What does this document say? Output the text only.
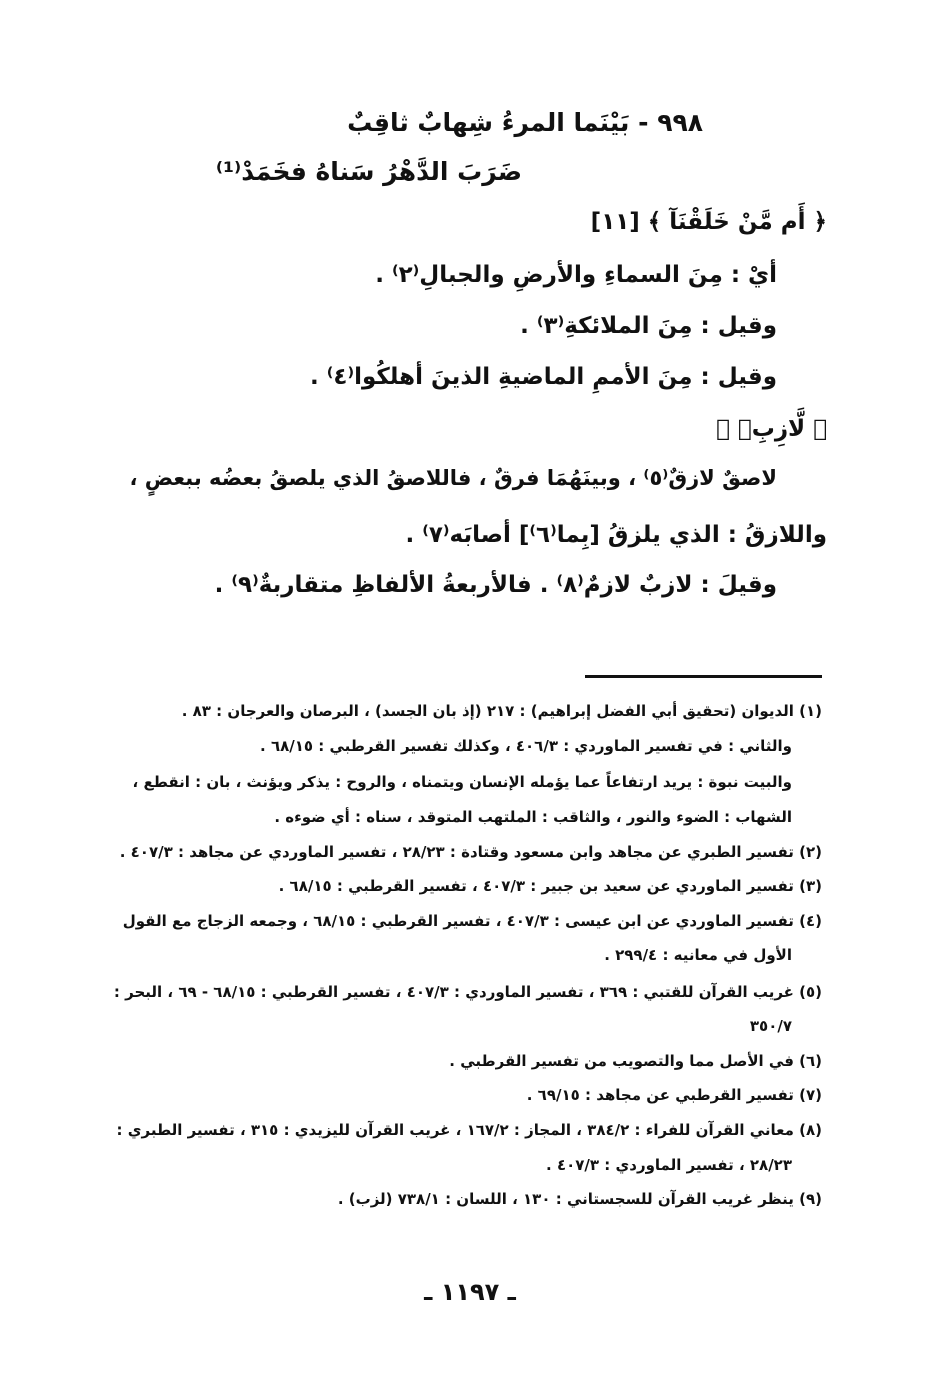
٩٩٨ - بَيْنَما المرءُ شِهابٌ ثاقِبٌ
ضَرَبَ الدَّهْرُ سَناهُ فخَمَدْ⁽¹⁾
﴿ أَم مَّنْ خَلَقْنَآ ﴾ [١١]
أيْ : مِنَ السماءِ والأرضِ والجبالِ⁽٢⁾ .
وقيل : مِنَ الملائكةِ⁽٣⁾ .
وقيل : مِنَ الأممِ الماضيةِ الذينَ أهلكُوا⁽٤⁾ .
﴿ لَّازِبِۭ ﴾
لاصقٌ لازقٌ⁽٥⁾ ، وبينَهُمَا فرقٌ ، فاللاصقُ الذي يلصقُ بعضُه ببعضٍ ،
واللازقُ : الذي يلزقُ [بِما⁽٦⁾] أصابَه⁽٧⁾ .
وقيلَ : لازبٌ لازمٌ⁽٨⁾ . فالأربعةُ الألفاظِ متقاربةٌ⁽٩⁾ .
(١) الديوان (تحقيق أبي الفضل إبراهيم) : ٢١٧ (إذ بان الجسد) ، البرصان والعرجان : ٨٣ .
والثاني : في تفسير الماوردي : ٤٠٦/٣ ، وكذلك تفسير القرطبي : ٦٨/١٥ .
والبيت نبوة : يريد ارتفاعاً عما يؤمله الإنسان ويتمناه ، والروح : يذكر ويؤنث ، بان : انقطع ،
الشهاب : الضوء والنور ، والثاقب : الملتهب المتوقد ، سناه : أي ضوءه .
(٢) تفسير الطبري عن مجاهد وابن مسعود وقتادة : ٢٨/٢٣ ، تفسير الماوردي عن مجاهد : ٤٠٧/٣ .
(٣) تفسير الماوردي عن سعيد بن جبير : ٤٠٧/٣ ، تفسير القرطبي : ٦٨/١٥ .
(٤) تفسير الماوردي عن ابن عيسى : ٤٠٧/٣ ، تفسير القرطبي : ٦٨/١٥ ، وجمعه الزجاج مع القول
الأول في معانيه : ٢٩٩/٤ .
(٥) غريب القرآن للقتبي : ٣٦٩ ، تفسير الماوردي : ٤٠٧/٣ ، تفسير القرطبي : ٦٨/١٥ - ٦٩ ، البحر :
٣٥٠/٧
(٦) في الأصل مما والتصويب من تفسير القرطبي .
(٧) تفسير القرطبي عن مجاهد : ٦٩/١٥ .
(٨) معاني القرآن للفراء : ٣٨٤/٢ ، المجاز : ١٦٧/٢ ، غريب القرآن لليزيدي : ٣١٥ ، تفسير الطبري :
٢٨/٢٣ ، تفسير الماوردي : ٤٠٧/٣ .
(٩) ينظر غريب القرآن للسجستاني : ١٣٠ ، اللسان : ٧٣٨/١ (لزب) .
ـ ١١٩٧ ـ
